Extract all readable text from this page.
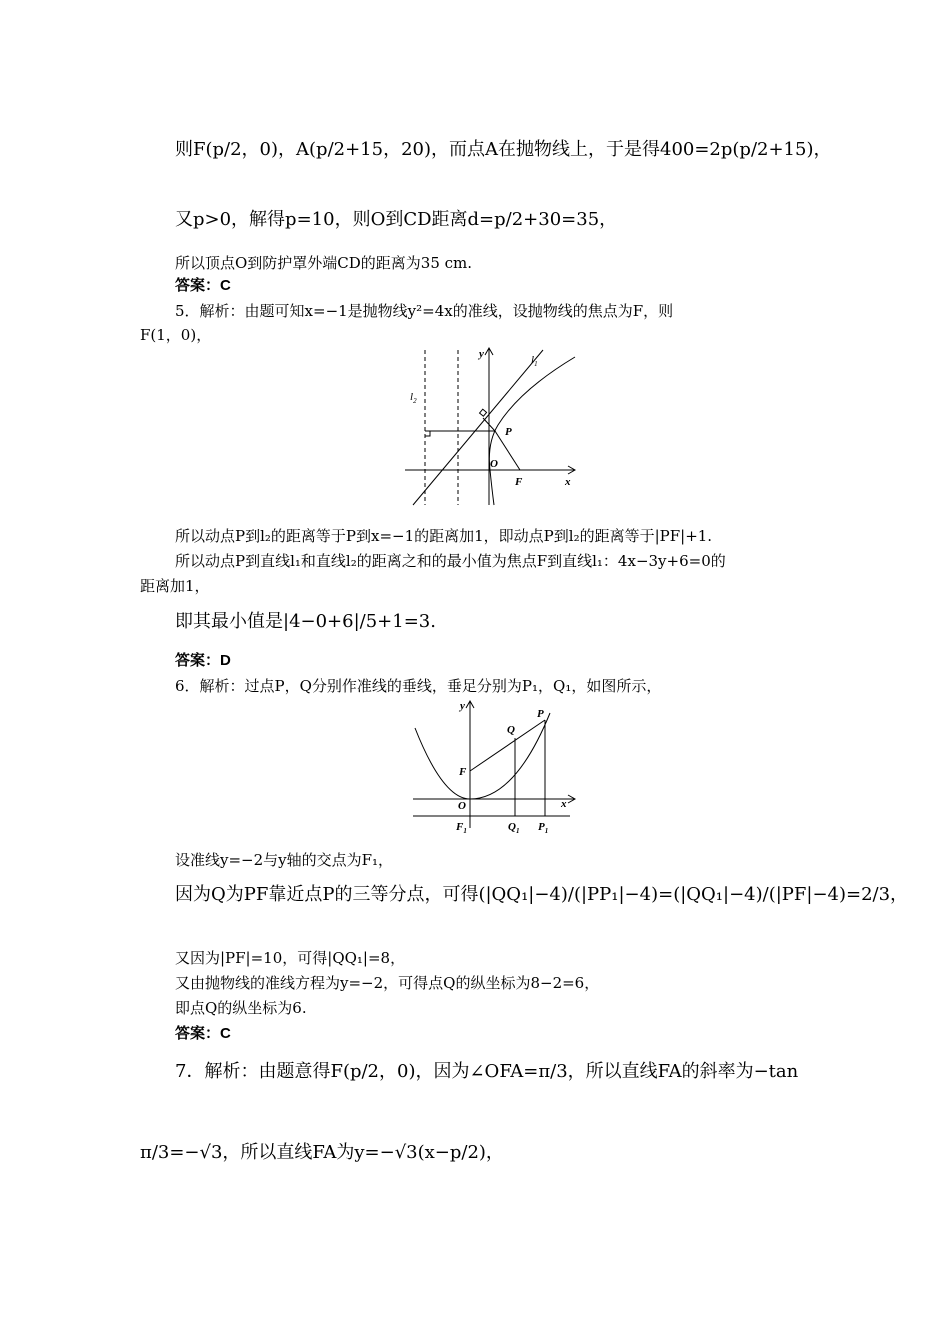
则F(p/2，0)，A(p/2+15，20)，而点A在抛物线上，于是得400=2p(p/2+15)，
又p>0，解得p=10，则O到CD距离d=p/2+30=35，
所以顶点O到防护罩外端CD的距离为35 cm.
答案：C
5．解析：由题可知x=−1是抛物线y²=4x的准线，设抛物线的焦点为F，则
F(1，0)，
y	$l_1$
$l_2$
P
O
F	x
所以动点P到l₂的距离等于P到x=−1的距离加1，即动点P到l₂的距离等于|PF|+1.
所以动点P到直线l₁和直线l₂的距离之和的最小值为焦点F到直线l₁：4x−3y+6=0的
距离加1，
即其最小值是|4−0+6|/5+1=3.
答案：D
6．解析：过点P，Q分别作准线的垂线，垂足分别为P₁，Q₁，如图所示，
y
Q
P
F
O	x
$F_1$	$Q_1$ $P_1$
设准线y=−2与y轴的交点为F₁，
因为Q为PF靠近点P的三等分点，可得(|QQ₁|−4)/(|PP₁|−4)=(|QQ₁|−4)/(|PF|−4)=2/3，
又因为|PF|=10，可得|QQ₁|=8，
又由抛物线的准线方程为y=−2，可得点Q的纵坐标为8−2=6，
即点Q的纵坐标为6.
答案：C
7．解析：由题意得F(p/2，0)，因为∠OFA=π/3，所以直线FA的斜率为−tan
π/3=−√3，所以直线FA为y=−√3(x−p/2)，
